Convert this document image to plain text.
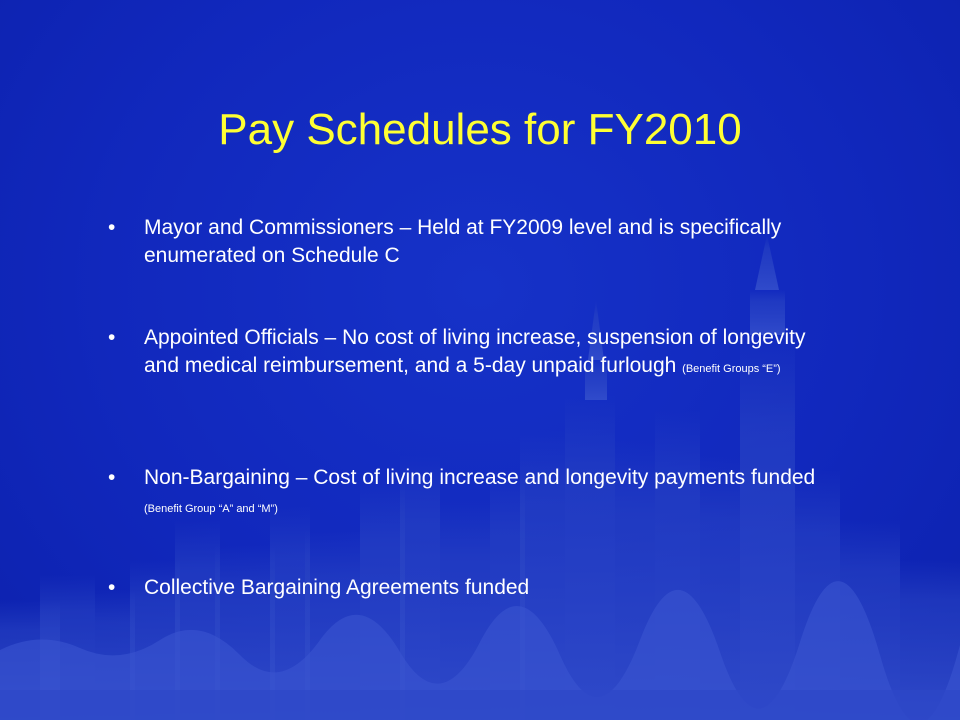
Pay Schedules for FY2010
•	Mayor and Commissioners – Held at FY2009 level and is specifically enumerated on Schedule C
•	Appointed Officials – No cost of living increase, suspension of longevity and medical reimbursement, and a 5-day unpaid furlough (Benefit Groups “E”)
•	Non-Bargaining – Cost of living increase and longevity payments funded (Benefit Group “A” and “M”)
•	Collective Bargaining Agreements funded
